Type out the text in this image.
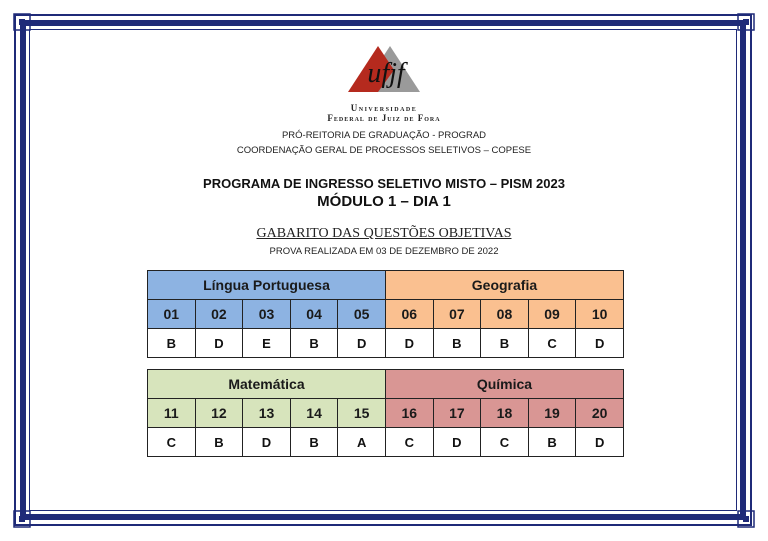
ufjf
Universidade
Federal de Juiz de Fora
PRÓ-REITORIA DE GRADUAÇÃO - PROGRAD
COORDENAÇÃO GERAL DE PROCESSOS SELETIVOS – COPESE
PROGRAMA DE INGRESSO SELETIVO MISTO – PISM 2023
MÓDULO 1 – DIA 1
GABARITO DAS QUESTÕES OBJETIVAS
PROVA REALIZADA EM 03 DE DEZEMBRO DE 2022
Língua Portuguesa					Geografia				
01	02	03	04	05	06	07	08	09	10
B	D	E	B	D	D	B	B	C	D
Matemática					Química				
11	12	13	14	15	16	17	18	19	20
C	B	D	B	A	C	D	C	B	D
